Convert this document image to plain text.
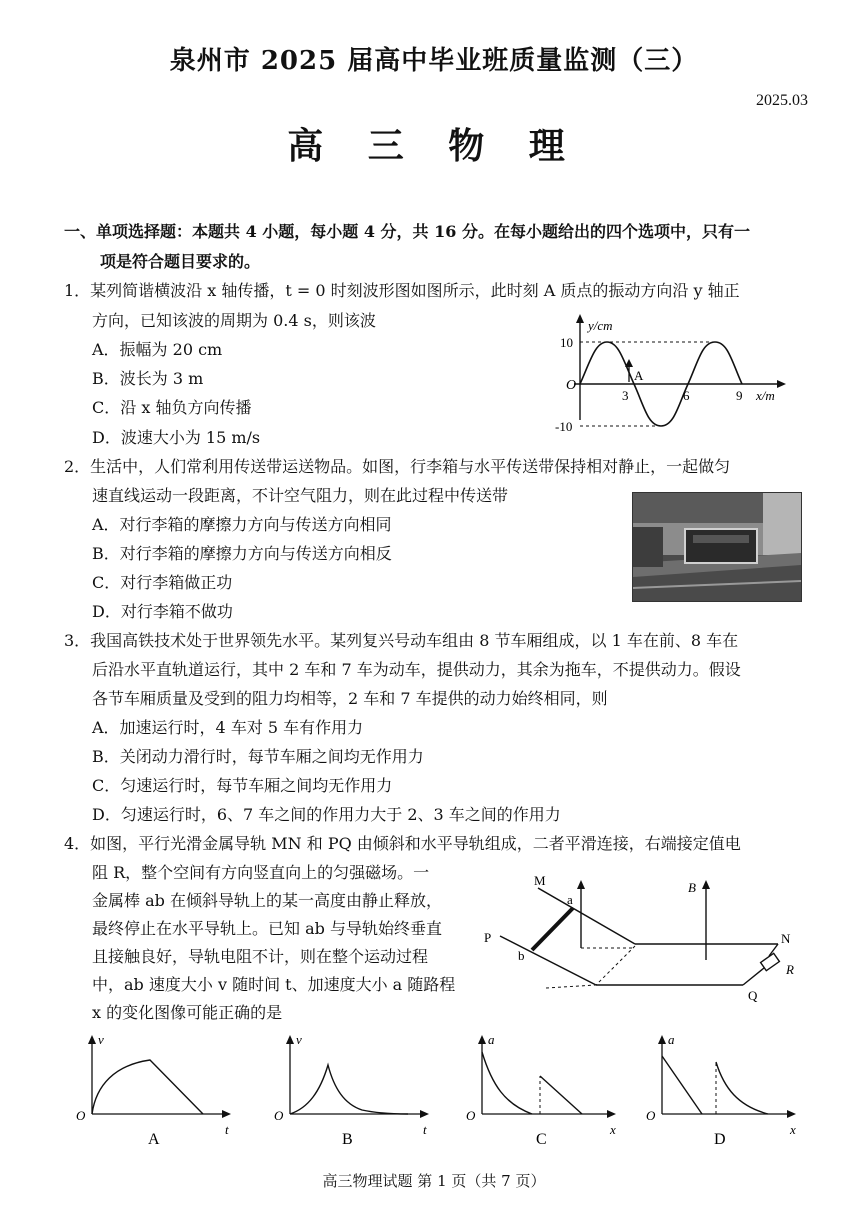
泉州市 2025 届高中毕业班质量监测（三）
2025.03
高 三 物 理
一、单项选择题：本题共 4 小题，每小题 4 分，共 16 分。在每小题给出的四个选项中，只有一
项是符合题目要求的。
1．某列简谐横波沿 x 轴传播，t = 0 时刻波形图如图所示，此时刻 A 质点的振动方向沿 y 轴正
方向，已知该波的周期为 0.4 s，则该波
A．振幅为 20 cm
B．波长为 3 m
C．沿 x 轴负方向传播
D．波速大小为 15 m/s
y/cm
10
-10
O
3	6	9
A
x/m
2．生活中，人们常利用传送带运送物品。如图，行李箱与水平传送带保持相对静止，一起做匀
速直线运动一段距离，不计空气阻力，则在此过程中传送带
A．对行李箱的摩擦力方向与传送方向相同
B．对行李箱的摩擦力方向与传送方向相反
C．对行李箱做正功
D．对行李箱不做功
3．我国高铁技术处于世界领先水平。某列复兴号动车组由 8 节车厢组成，以 1 车在前、8 车在
后沿水平直轨道运行，其中 2 车和 7 车为动车，提供动力，其余为拖车，不提供动力。假设
各节车厢质量及受到的阻力均相等，2 车和 7 车提供的动力始终相同，则
A．加速运行时，4 车对 5 车有作用力
B．关闭动力滑行时，每节车厢之间均无作用力
C．匀速运行时，每节车厢之间均无作用力
D．匀速运行时，6、7 车之间的作用力大于 2、3 车之间的作用力
4．如图，平行光滑金属导轨 MN 和 PQ 由倾斜和水平导轨组成，二者平滑连接，右端接定值电
阻 R，整个空间有方向竖直向上的匀强磁场。一
金属棒 ab 在倾斜导轨上的某一高度由静止释放，
最终停止在水平导轨上。已知 ab 与导轨始终垂直
且接触良好，导轨电阻不计，则在整个运动过程
中，ab 速度大小 v 随时间 t、加速度大小 a 随路程
x 的变化图像可能正确的是
M
N
P
Q
a
b
B
R
v
O
t
A
v
O
t
B
a
O
x
C
a
O
x
D
高三物理试题 第 1 页（共 7 页）
